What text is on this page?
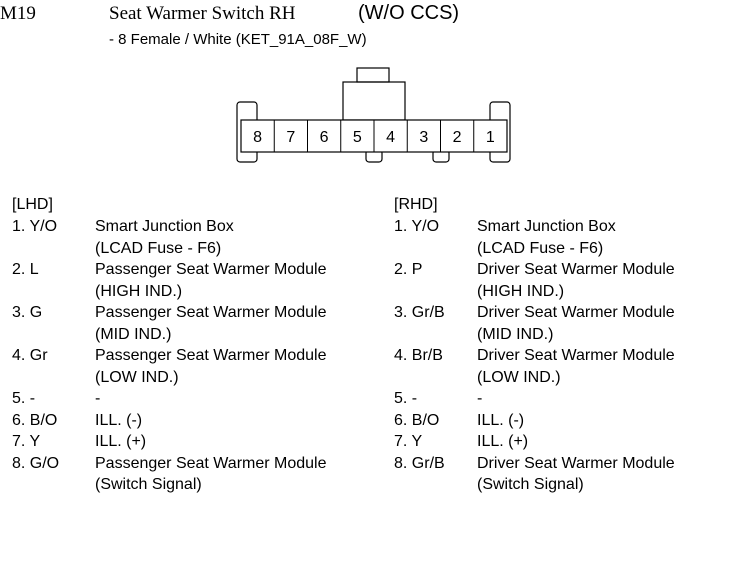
M19	Seat Warmer Switch RH	(W/O CCS)
- 8 Female / White (KET_91A_08F_W)
8 7 6 5 4 3 2 1
[LHD]
1. Y/O	Smart Junction Box
(LCAD Fuse - F6)
2. L	Passenger Seat Warmer Module
(HIGH IND.)
3. G	Passenger Seat Warmer Module
(MID IND.)
4. Gr	Passenger Seat Warmer Module
(LOW IND.)
5. -	-
6. B/O	ILL. (-)
7. Y	ILL. (+)
8. G/O	Passenger Seat Warmer Module
(Switch Signal)
[RHD]
1. Y/O	Smart Junction Box
(LCAD Fuse - F6)
2. P	Driver Seat Warmer Module
(HIGH IND.)
3. Gr/B	Driver Seat Warmer Module
(MID IND.)
4. Br/B	Driver Seat Warmer Module
(LOW IND.)
5. -	-
6. B/O	ILL. (-)
7. Y	ILL. (+)
8. Gr/B	Driver Seat Warmer Module
(Switch Signal)
